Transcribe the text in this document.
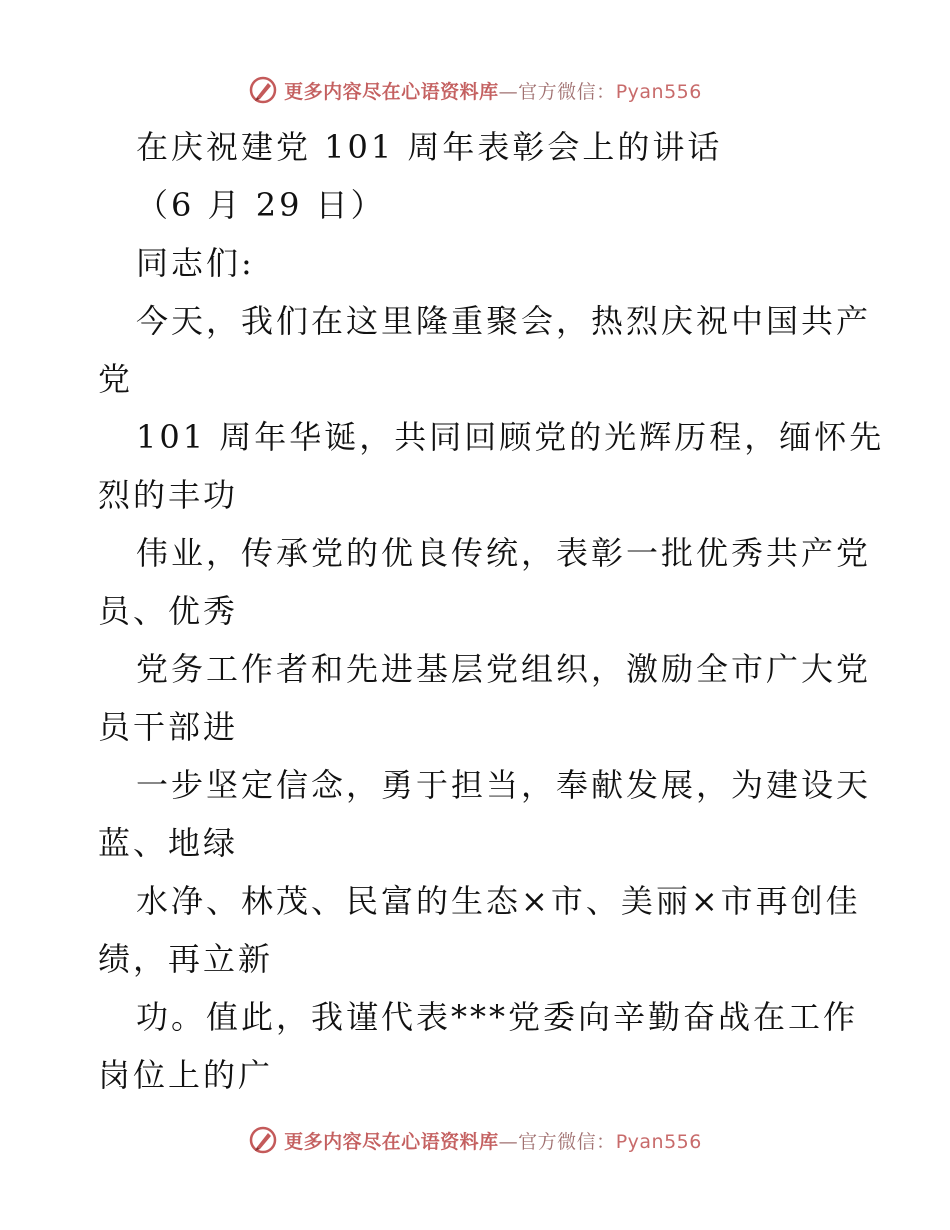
更多内容尽在心语资料库—官方微信：Pyan556
在庆祝建党 101 周年表彰会上的讲话
（6 月 29 日）
同志们:
今天，我们在这里隆重聚会，热烈庆祝中国共产
党
101 周年华诞，共同回顾党的光辉历程，缅怀先
烈的丰功
伟业，传承党的优良传统，表彰一批优秀共产党
员、优秀
党务工作者和先进基层党组织，激励全市广大党
员干部进
一步坚定信念，勇于担当，奉献发展，为建设天
蓝、地绿
水净、林茂、民富的生态×市、美丽×市再创佳
绩，再立新
功。值此，我谨代表***党委向辛勤奋战在工作
岗位上的广
更多内容尽在心语资料库—官方微信：Pyan556
